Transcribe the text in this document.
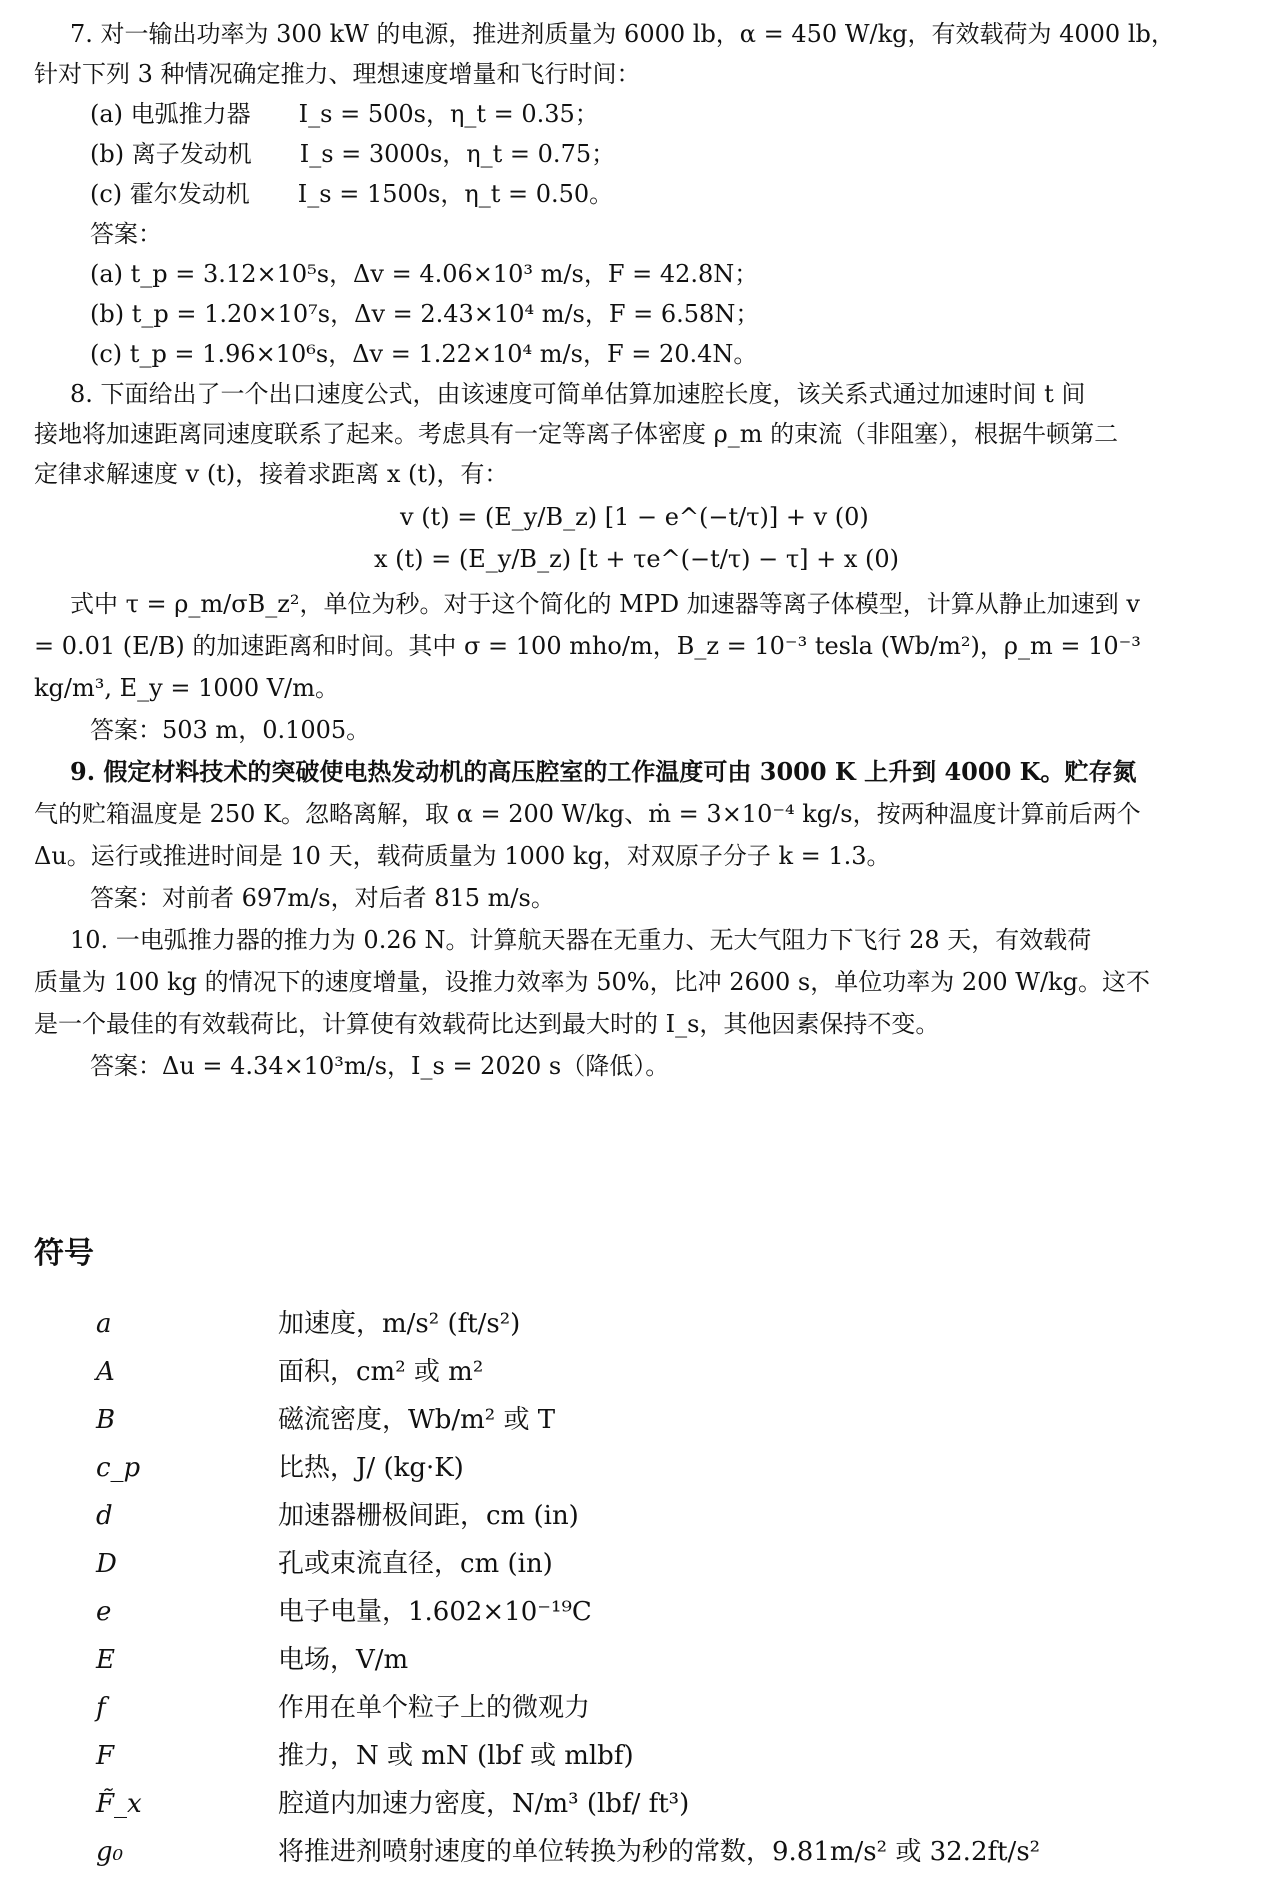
7. 对一输出功率为 300 kW 的电源，推进剂质量为 6000 lb，α = 450 W/kg，有效载荷为 4000 lb，
针对下列 3 种情况确定推力、理想速度增量和飞行时间：
(a) 电弧推力器　　I_s = 500s，η_t = 0.35；
(b) 离子发动机　　I_s = 3000s，η_t = 0.75；
(c) 霍尔发动机　　I_s = 1500s，η_t = 0.50。
答案：
(a) t_p = 3.12×10⁵s，Δv = 4.06×10³ m/s，F = 42.8N；
(b) t_p = 1.20×10⁷s，Δv = 2.43×10⁴ m/s，F = 6.58N；
(c) t_p = 1.96×10⁶s，Δv = 1.22×10⁴ m/s，F = 20.4N。
8. 下面给出了一个出口速度公式，由该速度可简单估算加速腔长度，该关系式通过加速时间 t 间
接地将加速距离同速度联系了起来。考虑具有一定等离子体密度 ρ_m 的束流（非阻塞），根据牛顿第二
定律求解速度 v (t)，接着求距离 x (t)，有：
v (t) = (E_y/B_z) [1 − e^(−t/τ)] + v (0)
x (t) = (E_y/B_z) [t + τe^(−t/τ) − τ] + x (0)
式中 τ = ρ_m/σB_z²，单位为秒。对于这个简化的 MPD 加速器等离子体模型，计算从静止加速到 v
= 0.01 (E/B) 的加速距离和时间。其中 σ = 100 mho/m，B_z = 10⁻³ tesla (Wb/m²)，ρ_m = 10⁻³
kg/m³, E_y = 1000 V/m。
答案：503 m，0.1005。
9. 假定材料技术的突破使电热发动机的高压腔室的工作温度可由 3000 K 上升到 4000 K。贮存氮
气的贮箱温度是 250 K。忽略离解，取 α = 200 W/kg、ṁ = 3×10⁻⁴ kg/s，按两种温度计算前后两个
Δu。运行或推进时间是 10 天，载荷质量为 1000 kg，对双原子分子 k = 1.3。
答案：对前者 697m/s，对后者 815 m/s。
10. 一电弧推力器的推力为 0.26 N。计算航天器在无重力、无大气阻力下飞行 28 天，有效载荷
质量为 100 kg 的情况下的速度增量，设推力效率为 50%，比冲 2600 s，单位功率为 200 W/kg。这不
是一个最佳的有效载荷比，计算使有效载荷比达到最大时的 I_s，其他因素保持不变。
答案：Δu = 4.34×10³m/s，I_s = 2020 s（降低）。
符号
a	加速度，m/s² (ft/s²)
A	面积，cm² 或 m²
B	磁流密度，Wb/m² 或 T
c_p	比热，J/ (kg·K)
d	加速器栅极间距，cm (in)
D	孔或束流直径，cm (in)
e	电子电量，1.602×10⁻¹⁹C
E	电场，V/m
f	作用在单个粒子上的微观力
F	推力，N 或 mN (lbf 或 mlbf)
F̃_x	腔道内加速力密度，N/m³ (lbf/ ft³)
g₀	将推进剂喷射速度的单位转换为秒的常数，9.81m/s² 或 32.2ft/s²
